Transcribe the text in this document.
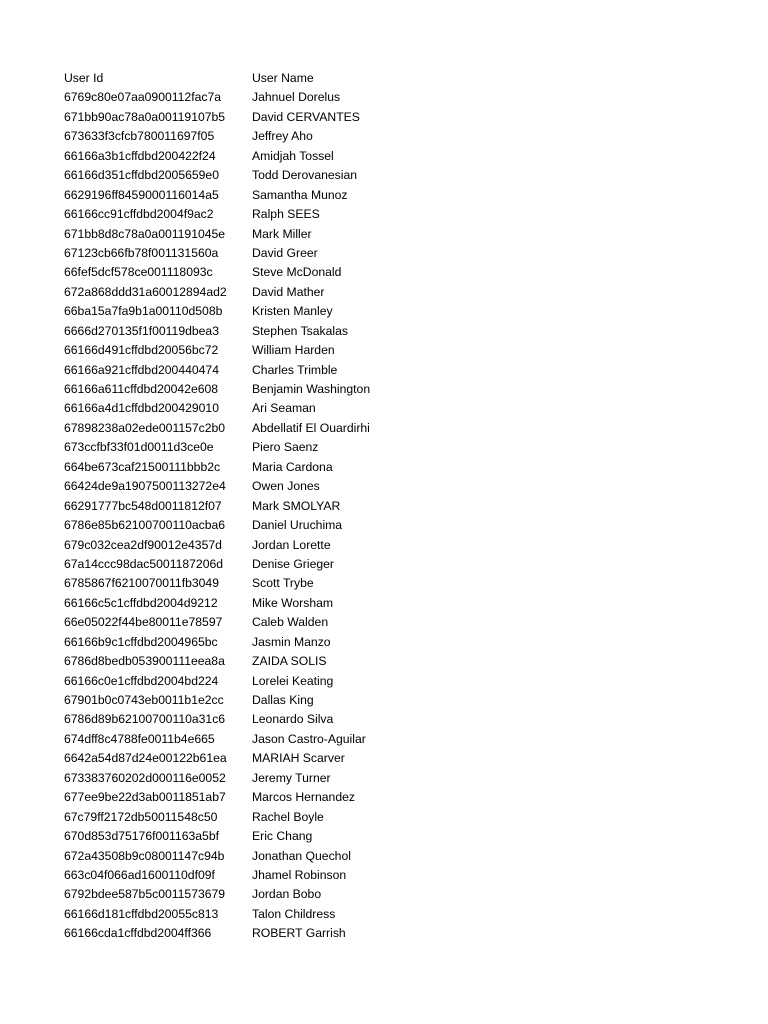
User Id	User Name
6769c80e07aa0900112fac7a	Jahnuel Dorelus
671bb90ac78a0a00119107b5	David CERVANTES
673633f3cfcb780011697f05	Jeffrey Aho
66166a3b1cffdbd200422f24	Amidjah Tossel
66166d351cffdbd2005659e0	Todd Derovanesian
6629196ff8459000116014a5	Samantha Munoz
66166cc91cffdbd2004f9ac2	Ralph SEES
671bb8d8c78a0a001191045e	Mark Miller
67123cb66fb78f001131560a	David Greer
66fef5dcf578ce001118093c	Steve McDonald
672a868ddd31a60012894ad2	David Mather
66ba15a7fa9b1a00110d508b	Kristen Manley
6666d270135f1f00119dbea3	Stephen Tsakalas
66166d491cffdbd20056bc72	William Harden
66166a921cffdbd200440474	Charles Trimble
66166a611cffdbd20042e608	Benjamin Washington
66166a4d1cffdbd200429010	Ari Seaman
67898238a02ede001157c2b0	Abdellatif El Ouardirhi
673ccfbf33f01d0011d3ce0e	Piero Saenz
664be673caf21500111bbb2c	Maria Cardona
66424de9a1907500113272e4	Owen Jones
66291777bc548d0011812f07	Mark SMOLYAR
6786e85b62100700110acba6	Daniel Uruchima
679c032cea2df90012e4357d	Jordan Lorette
67a14ccc98dac5001187206d	Denise Grieger
6785867f6210070011fb3049	Scott Trybe
66166c5c1cffdbd2004d9212	Mike Worsham
66e05022f44be80011e78597	Caleb Walden
66166b9c1cffdbd2004965bc	Jasmin Manzo
6786d8bedb053900111eea8a	ZAIDA SOLIS
66166c0e1cffdbd2004bd224	Lorelei Keating
67901b0c0743eb0011b1e2cc	Dallas King
6786d89b62100700110a31c6	Leonardo Silva
674dff8c4788fe0011b4e665	Jason Castro-Aguilar
6642a54d87d24e00122b61ea	MARIAH Scarver
673383760202d000116e0052	Jeremy Turner
677ee9be22d3ab0011851ab7	Marcos Hernandez
67c79ff2172db50011548c50	Rachel Boyle
670d853d75176f001163a5bf	Eric Chang
672a43508b9c08001147c94b	Jonathan Quechol
663c04f066ad1600110df09f	Jhamel Robinson
6792bdee587b5c0011573679	Jordan Bobo
66166d181cffdbd20055c813	Talon Childress
66166cda1cffdbd2004ff366	ROBERT Garrish
